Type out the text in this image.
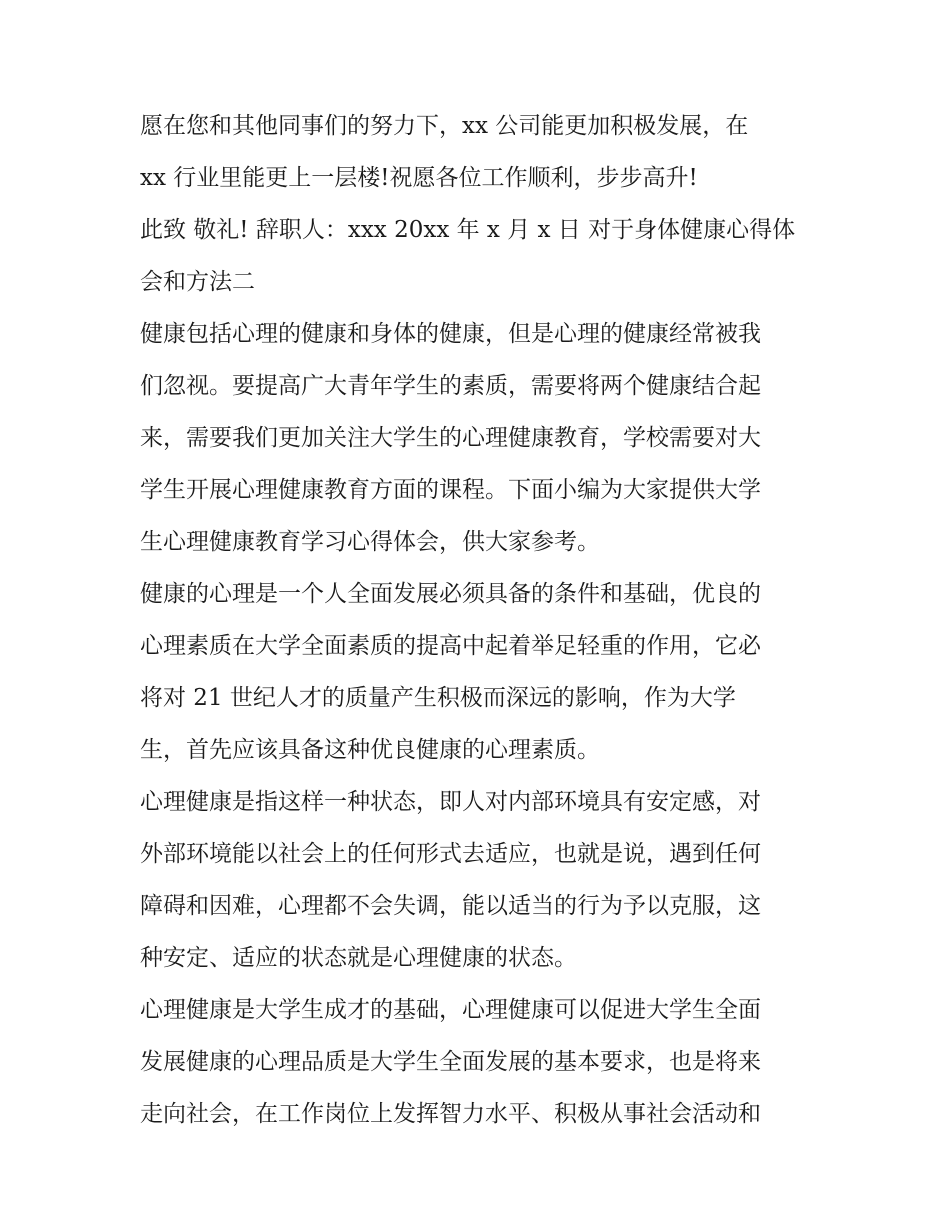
愿在您和其他同事们的努力下，xx 公司能更加积极发展，在
xx 行业里能更上一层楼!祝愿各位工作顺利，步步高升!
此致 敬礼! 辞职人：xxx 20xx 年 x 月 x 日 对于身体健康心得体
会和方法二
健康包括心理的健康和身体的健康，但是心理的健康经常被我
们忽视。要提高广大青年学生的素质，需要将两个健康结合起
来，需要我们更加关注大学生的心理健康教育，学校需要对大
学生开展心理健康教育方面的课程。下面小编为大家提供大学
生心理健康教育学习心得体会，供大家参考。
健康的心理是一个人全面发展必须具备的条件和基础，优良的
心理素质在大学全面素质的提高中起着举足轻重的作用，它必
将对 21 世纪人才的质量产生积极而深远的影响，作为大学
生，首先应该具备这种优良健康的心理素质。
心理健康是指这样一种状态，即人对内部环境具有安定感，对
外部环境能以社会上的任何形式去适应，也就是说，遇到任何
障碍和因难，心理都不会失调，能以适当的行为予以克服，这
种安定、适应的状态就是心理健康的状态。
心理健康是大学生成才的基础，心理健康可以促进大学生全面
发展健康的心理品质是大学生全面发展的基本要求，也是将来
走向社会，在工作岗位上发挥智力水平、积极从事社会活动和
